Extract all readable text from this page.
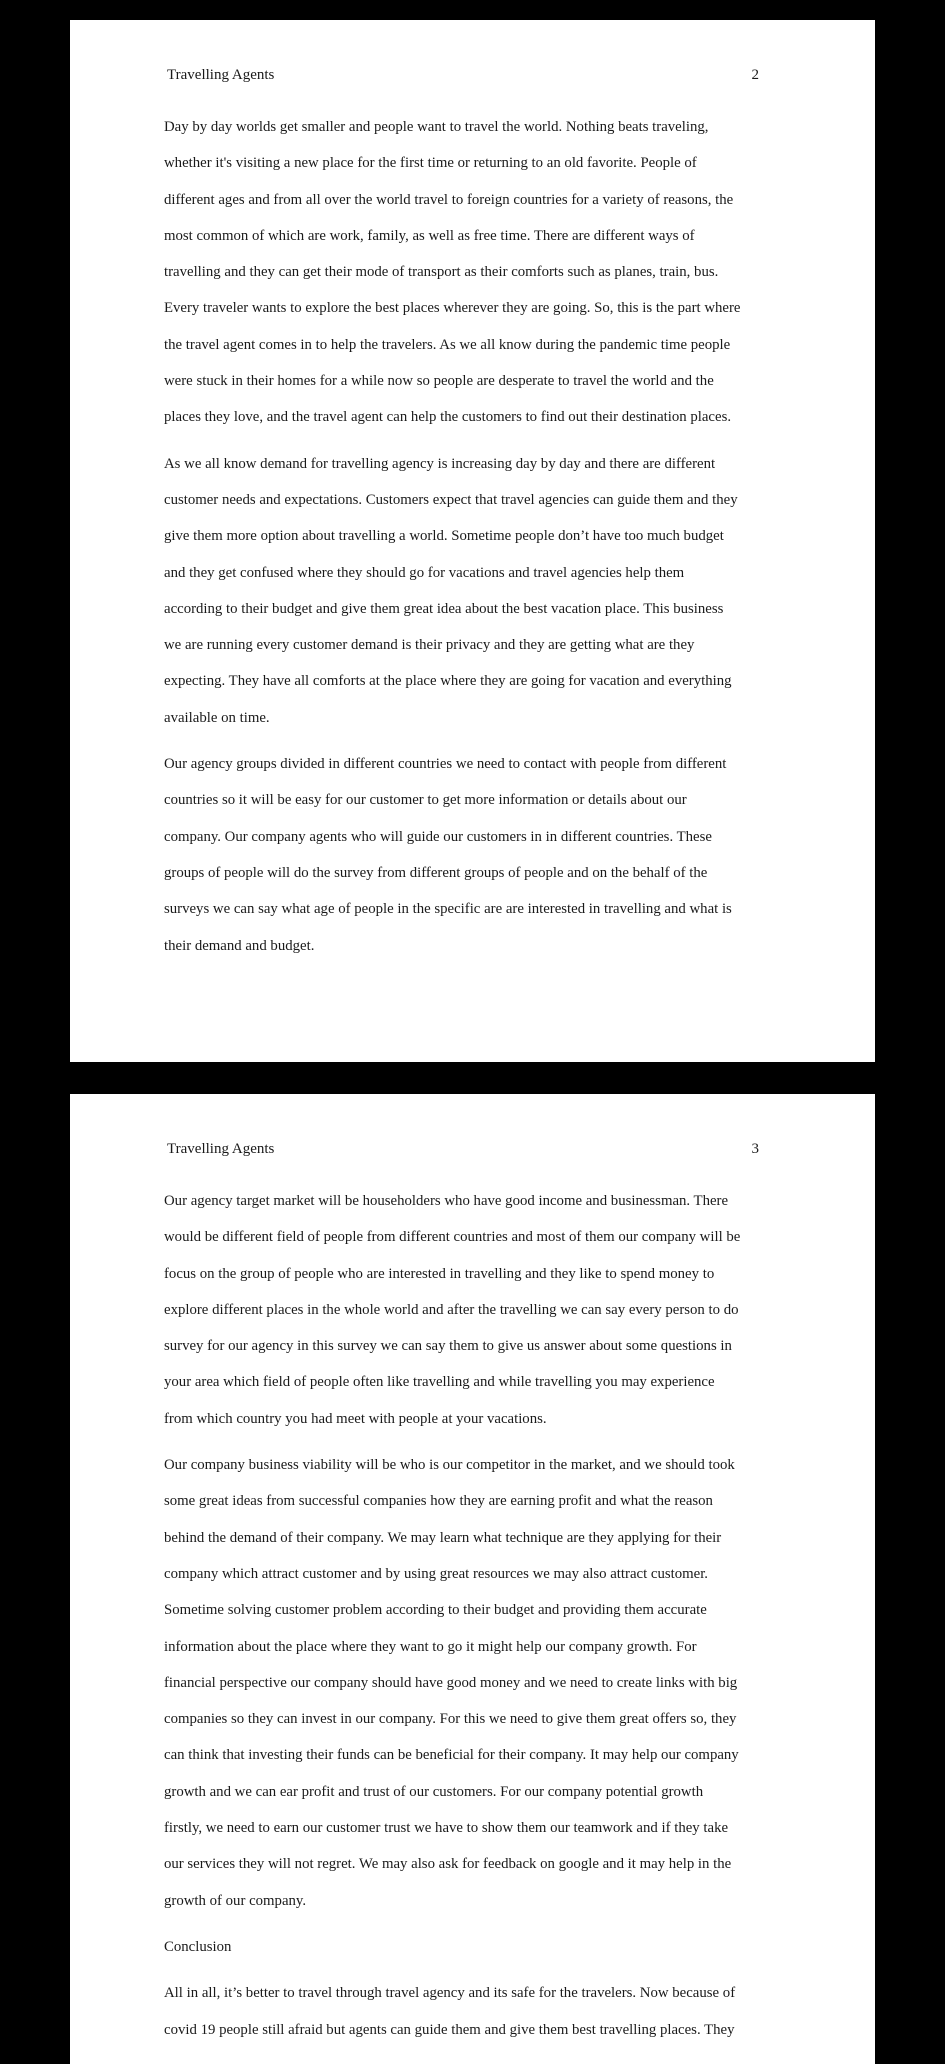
Travelling Agents	2
Day by day worlds get smaller and people want to travel the world. Nothing beats traveling,
whether it's visiting a new place for the first time or returning to an old favorite. People of
different ages and from all over the world travel to foreign countries for a variety of reasons, the
most common of which are work, family, as well as free time. There are different ways of
travelling and they can get their mode of transport as their comforts such as planes, train, bus.
Every traveler wants to explore the best places wherever they are going. So, this is the part where
the travel agent comes in to help the travelers. As we all know during the pandemic time people
were stuck in their homes for a while now so people are desperate to travel the world and the
places they love, and the travel agent can help the customers to find out their destination places.
As we all know demand for travelling agency is increasing day by day and there are different
customer needs and expectations. Customers expect that travel agencies can guide them and they
give them more option about travelling a world. Sometime people don’t have too much budget
and they get confused where they should go for vacations and travel agencies help them
according to their budget and give them great idea about the best vacation place. This business
we are running every customer demand is their privacy and they are getting what are they
expecting. They have all comforts at the place where they are going for vacation and everything
available on time.
Our agency groups divided in different countries we need to contact with people from different
countries so it will be easy for our customer to get more information or details about our
company. Our company agents who will guide our customers in in different countries. These
groups of people will do the survey from different groups of people and on the behalf of the
surveys we can say what age of people in the specific are are interested in travelling and what is
their demand and budget.
Travelling Agents	3
Our agency target market will be householders who have good income and businessman. There
would be different field of people from different countries and most of them our company will be
focus on the group of people who are interested in travelling and they like to spend money to
explore different places in the whole world and after the travelling we can say every person to do
survey for our agency in this survey we can say them to give us answer about some questions in
your area which field of people often like travelling and while travelling you may experience
from which country you had meet with people at your vacations.
Our company business viability will be who is our competitor in the market, and we should took
some great ideas from successful companies how they are earning profit and what the reason
behind the demand of their company. We may learn what technique are they applying for their
company which attract customer and by using great resources we may also attract customer.
Sometime solving customer problem according to their budget and providing them accurate
information about the place where they want to go it might help our company growth. For
financial perspective our company should have good money and we need to create links with big
companies so they can invest in our company. For this we need to give them great offers so, they
can think that investing their funds can be beneficial for their company. It may help our company
growth and we can ear profit and trust of our customers. For our company potential growth
firstly, we need to earn our customer trust we have to show them our teamwork and if they take
our services they will not regret. We may also ask for feedback on google and it may help in the
growth of our company.
Conclusion
All in all, it’s better to travel through travel agency and its safe for the travelers. Now because of
covid 19 people still afraid but agents can guide them and give them best travelling places. They
